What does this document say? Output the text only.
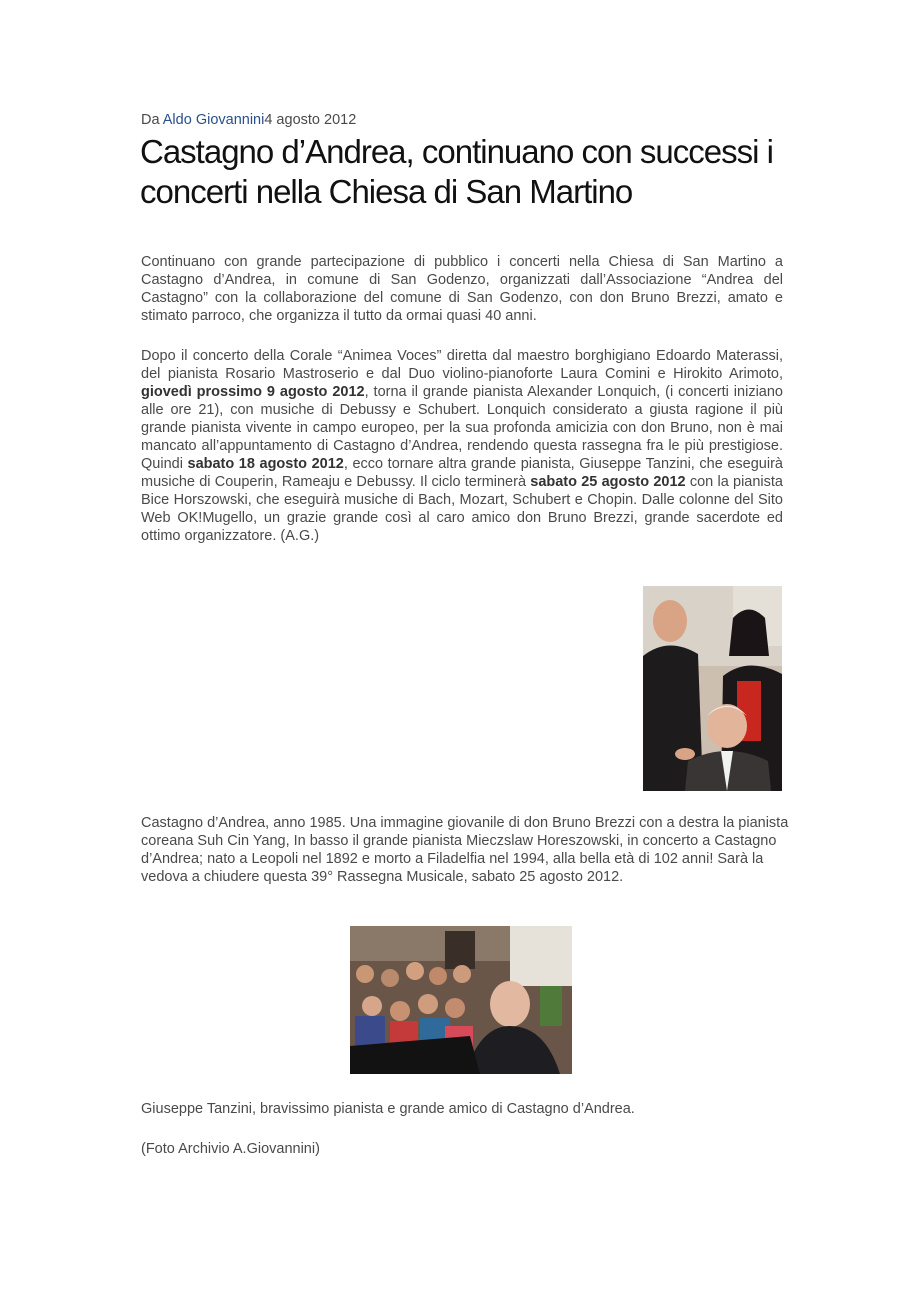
Da Aldo Giovannini4 agosto 2012
Castagno d’Andrea, continuano con successi i concerti nella Chiesa di San Martino

Continuano con grande partecipazione di pubblico i concerti nella Chiesa di San Martino a Castagno d’Andrea, in comune di San Godenzo, organizzati dall’Associazione “Andrea del Castagno” con la collaborazione del comune di San Godenzo, con don Bruno Brezzi, amato e stimato parroco, che organizza il tutto da ormai quasi 40 anni.

Dopo il concerto della Corale “Animea Voces” diretta dal maestro borghigiano Edoardo Materassi, del pianista Rosario Mastroserio e dal Duo violino-pianoforte Laura Comini e Hirokito Arimoto, giovedì prossimo 9 agosto 2012, torna il grande pianista Alexander Lonquich, (i concerti iniziano alle ore 21), con musiche di Debussy e Schubert. Lonquich considerato a giusta ragione il più grande pianista vivente in campo europeo, per la sua profonda amicizia con don Bruno, non è mai mancato all’appuntamento di Castagno d’Andrea, rendendo questa rassegna fra le più prestigiose. Quindi sabato 18 agosto 2012, ecco tornare altra grande pianista, Giuseppe Tanzini, che eseguirà musiche di Couperin, Rameaju e Debussy. Il ciclo terminerà sabato 25 agosto 2012 con la pianista Bice Horszowski, che eseguirà musiche di Bach, Mozart, Schubert e Chopin. Dalle colonne del Sito Web OK!Mugello, un grazie grande così al caro amico don Bruno Brezzi, grande sacerdote ed ottimo organizzatore. (A.G.)

Castagno d’Andrea, anno 1985. Una immagine giovanile di don Bruno Brezzi con a destra la pianista coreana Suh Cin Yang, In basso il grande pianista Mieczslaw Horeszowski, in concerto a Castagno d’Andrea; nato a Leopoli nel 1892 e morto a Filadelfia nel 1994, alla bella età di 102 anni! Sarà la vedova a chiudere questa 39° Rassegna Musicale, sabato 25 agosto 2012.

Giuseppe Tanzini, bravissimo pianista e grande amico di Castagno d’Andrea.

(Foto Archivio A.Giovannini)
